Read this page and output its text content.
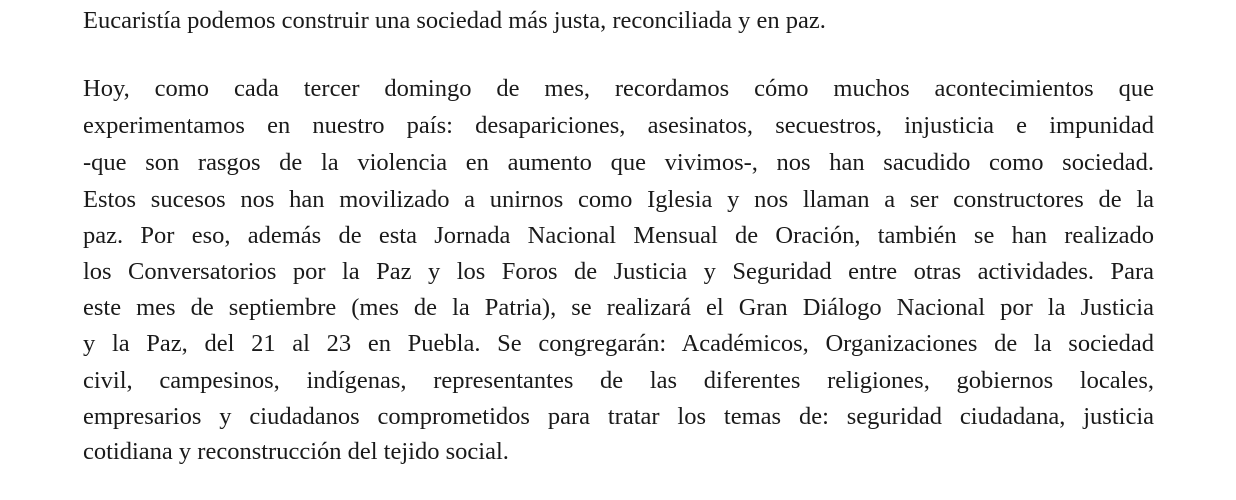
Eucaristía podemos construir una sociedad más justa, reconciliada y en paz.
Hoy, como cada tercer domingo de mes, recordamos cómo muchos acontecimientos que
experimentamos en nuestro país: desapariciones, asesinatos, secuestros, injusticia e impunidad
-que son rasgos de la violencia en aumento que vivimos-, nos han sacudido como sociedad.
Estos sucesos nos han movilizado a unirnos como Iglesia y nos llaman a ser constructores de la
paz. Por eso, además de esta Jornada Nacional Mensual de Oración, también se han realizado
los Conversatorios por la Paz y los Foros de Justicia y Seguridad entre otras actividades. Para
este mes de septiembre (mes de la Patria), se realizará el Gran Diálogo Nacional por la Justicia
y la Paz, del 21 al 23 en Puebla. Se congregarán: Académicos, Organizaciones de la sociedad
civil, campesinos, indígenas, representantes de las diferentes religiones, gobiernos locales,
empresarios y ciudadanos comprometidos para tratar los temas de: seguridad ciudadana, justicia
cotidiana y reconstrucción del tejido social.
